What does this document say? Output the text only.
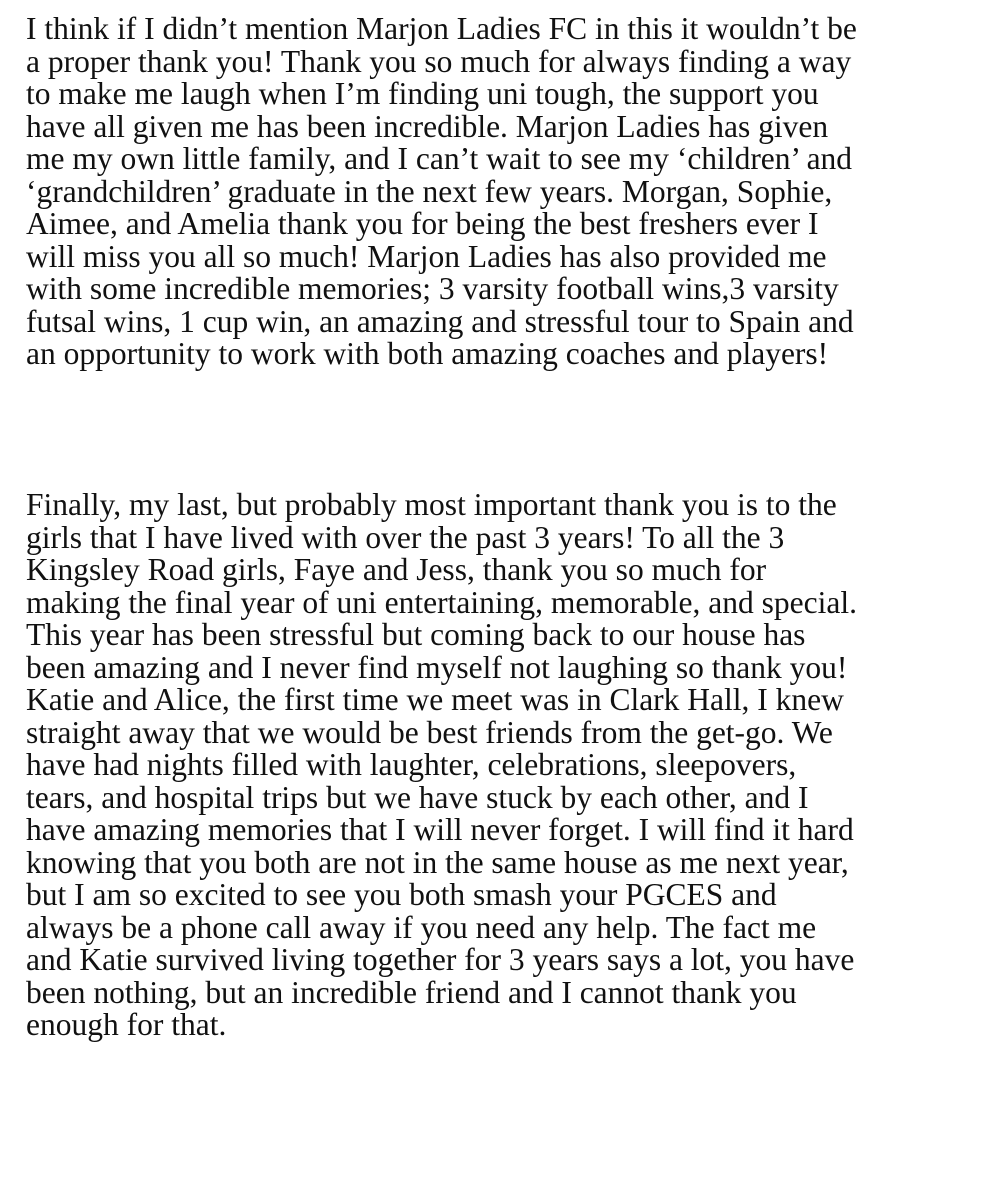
I think if I didn’t mention Marjon Ladies FC in this it wouldn’t be
a proper thank you! Thank you so much for always finding a way
to make me laugh when I’m finding uni tough, the support you
have all given me has been incredible. Marjon Ladies has given
me my own little family, and I can’t wait to see my ‘children’ and
‘grandchildren’ graduate in the next few years. Morgan, Sophie,
Aimee, and Amelia thank you for being the best freshers ever I
will miss you all so much! Marjon Ladies has also provided me
with some incredible memories; 3 varsity football wins,3 varsity
futsal wins, 1 cup win, an amazing and stressful tour to Spain and
an opportunity to work with both amazing coaches and players!

Finally, my last, but probably most important thank you is to the
girls that I have lived with over the past 3 years! To all the 3
Kingsley Road girls, Faye and Jess, thank you so much for
making the final year of uni entertaining, memorable, and special.
This year has been stressful but coming back to our house has
been amazing and I never find myself not laughing so thank you!
Katie and Alice, the first time we meet was in Clark Hall, I knew
straight away that we would be best friends from the get-go. We
have had nights filled with laughter, celebrations, sleepovers,
tears, and hospital trips but we have stuck by each other, and I
have amazing memories that I will never forget. I will find it hard
knowing that you both are not in the same house as me next year,
but I am so excited to see you both smash your PGCES and
always be a phone call away if you need any help. The fact me
and Katie survived living together for 3 years says a lot, you have
been nothing, but an incredible friend and I cannot thank you
enough for that.
